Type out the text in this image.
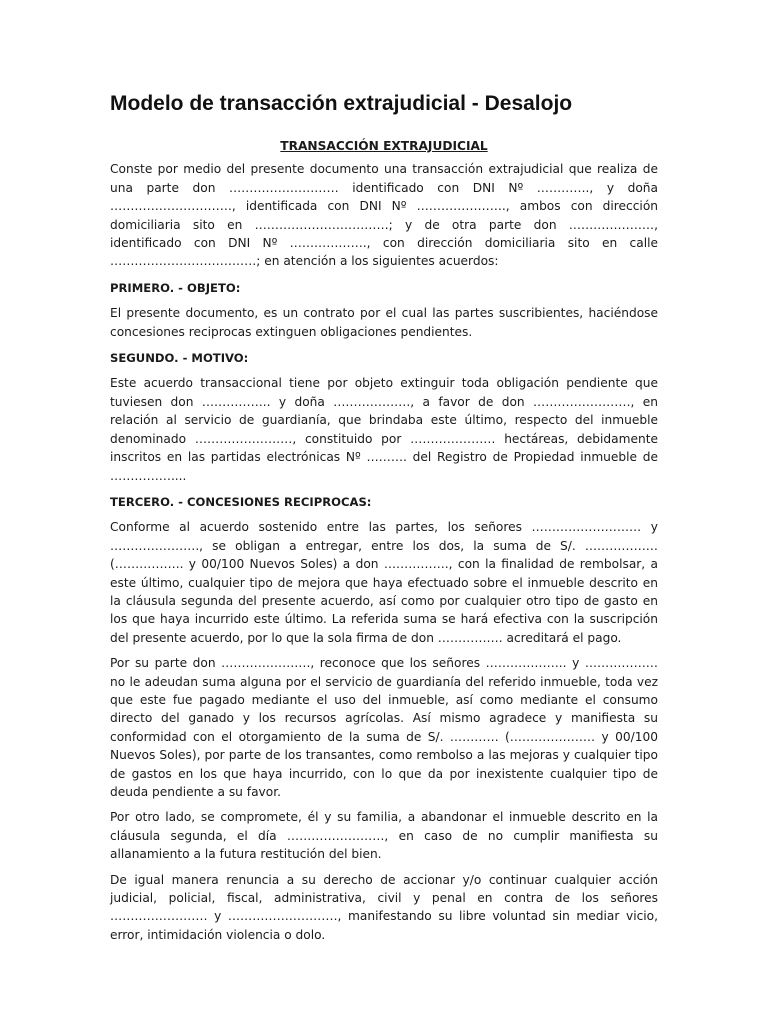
Modelo de transacción extrajudicial - Desalojo

TRANSACCIÓN EXTRAJUDICIAL

Conste por medio del presente documento una transacción extrajudicial que realiza de una parte don ……………………… identificado con DNI Nº …………., y doña …………………………, identificada con DNI Nº …………………., ambos con dirección domiciliaria sito en ……………………………; y de otra parte don …………………, identificado con DNI Nº ………………., con dirección domiciliaria sito en calle ………………………………; en atención a los siguientes acuerdos:

PRIMERO. - OBJETO:

El presente documento, es un contrato por el cual las partes suscribientes, haciéndose concesiones reciprocas extinguen obligaciones pendientes.

SEGUNDO. - MOTIVO:

Este acuerdo transaccional tiene por objeto extinguir toda obligación pendiente que tuviesen don …………….. y doña ………………., a favor de don ……………………, en relación al servicio de guardianía, que brindaba este último, respecto del inmueble denominado ……………………, constituido por ………………… hectáreas, debidamente inscritos en las partidas electrónicas Nº ………. del Registro de Propiedad inmueble de ……………....

TERCERO. - CONCESIONES RECIPROCAS:

Conforme al acuerdo sostenido entre las partes, los señores ……………………… y …………………., se obligan a entregar, entre los dos, la suma de S/. ……………… (…………….. y 00/100 Nuevos Soles) a don ……………., con la finalidad de rembolsar, a este último, cualquier tipo de mejora que haya efectuado sobre el inmueble descrito en la cláusula segunda del presente acuerdo, así como por cualquier otro tipo de gasto en los que haya incurrido este último. La referida suma se hará efectiva con la suscripción del presente acuerdo, por lo que la sola firma de don ……………. acreditará el pago.

Por su parte don …………………., reconoce que los señores ……………….. y ……………… no le adeudan suma alguna por el servicio de guardianía del referido inmueble, toda vez que este fue pagado mediante el uso del inmueble, así como mediante el consumo directo del ganado y los recursos agrícolas. Así mismo agradece y manifiesta su conformidad con el otorgamiento de la suma de S/. ………… (………………… y 00/100 Nuevos Soles), por parte de los transantes, como rembolso a las mejoras y cualquier tipo de gastos en los que haya incurrido, con lo que da por inexistente cualquier tipo de deuda pendiente a su favor.

Por otro lado, se compromete, él y su familia, a abandonar el inmueble descrito en la cláusula segunda, el día ……………………, en caso de no cumplir manifiesta su allanamiento a la futura restitución del bien.

De igual manera renuncia a su derecho de accionar y/o continuar cualquier acción judicial, policial, fiscal, administrativa, civil y penal en contra de los señores …………………… y ………………………, manifestando su libre voluntad sin mediar vicio, error, intimidación violencia o dolo.
